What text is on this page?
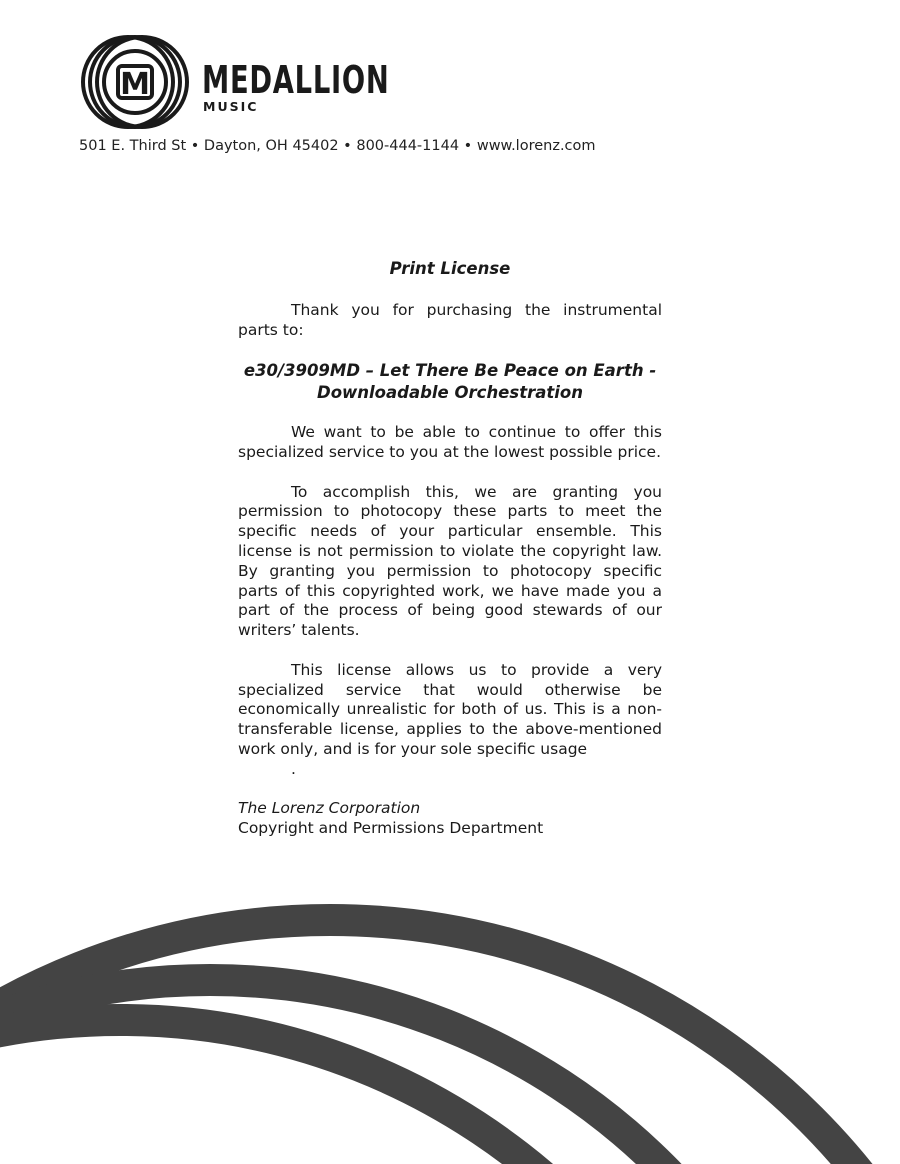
M MEDALLION
MUSIC
501 E. Third St • Dayton, OH 45402 • 800-444-1144 • www.lorenz.com
Print License

Thank you for purchasing the instrumental parts to:

e30/3909MD – Let There Be Peace on Earth -
Downloadable Orchestration

We want to be able to continue to offer this specialized service to you at the lowest possible price.

To accomplish this, we are granting you permission to photocopy these parts to meet the specific needs of your particular ensemble. This license is not permission to violate the copyright law. By granting you permission to photocopy specific parts of this copyrighted work, we have made you a part of the process of being good stewards of our writers’ talents.

This license allows us to provide a very specialized service that would otherwise be economically unrealistic for both of us. This is a non-transferable license, applies to the above-mentioned work only, and is for your sole specific usage

.
The Lorenz Corporation
Copyright and Permissions Department
